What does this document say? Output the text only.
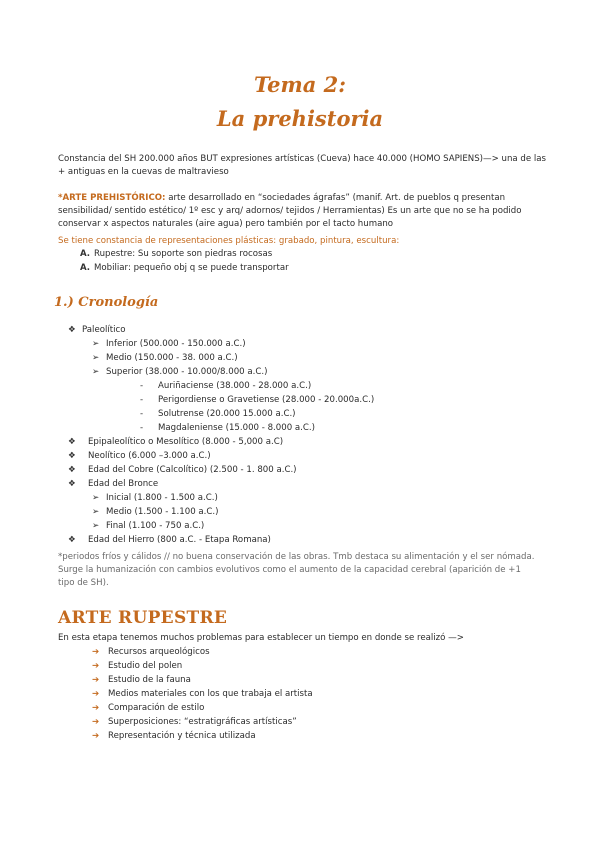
Tema 2:
La prehistoria
Constancia del SH 200.000 años BUT expresiones artísticas (Cueva) hace 40.000 (HOMO SAPIENS)—> una de las + antiguas en la cuevas de maltravieso
*ARTE PREHISTÓRICO: arte desarrollado en “sociedades ágrafas” (manif. Art. de pueblos q presentan sensibilidad/ sentido estético/ 1º esc y arq/ adornos/ tejidos / Herramientas) Es un arte que no se ha podido conservar x aspectos naturales (aire agua) pero también por el tacto humano
Se tiene constancia de representaciones plásticas: grabado, pintura, escultura:
A. Rupestre: Su soporte son piedras rocosas
A. Mobiliar: pequeño obj q se puede transportar
1.) Cronología
❖ Paleolítico
➢ Inferior (500.000 - 150.000 a.C.)
➢ Medio (150.000 - 38. 000 a.C.)
➢ Superior (38.000 - 10.000/8.000 a.C.)
- Auriñaciense (38.000 - 28.000 a.C.)
- Perigordiense o Gravetiense (28.000 - 20.000a.C.)
- Solutrense (20.000 15.000 a.C.)
- Magdaleniense (15.000 - 8.000 a.C.)
❖ Epipaleolítico o Mesolítico (8.000 - 5,000 a.C)
❖ Neolítico (6.000 –3.000 a.C.)
❖ Edad del Cobre (Calcolítico) (2.500 - 1. 800 a.C.)
❖ Edad del Bronce
➢ Inicial (1.800 - 1.500 a.C.)
➢ Medio (1.500 - 1.100 a.C.)
➢ Final (1.100 - 750 a.C.)
❖ Edad del Hierro (800 a.C. - Etapa Romana)
*periodos fríos y cálidos // no buena conservación de las obras. Tmb destaca su alimentación y el ser nómada. Surge la humanización con cambios evolutivos como el aumento de la capacidad cerebral (aparición de +1 tipo de SH).
ARTE RUPESTRE
En esta etapa tenemos muchos problemas para establecer un tiempo en donde se realizó —>
➔ Recursos arqueológicos
➔ Estudio del polen
➔ Estudio de la fauna
➔ Medios materiales con los que trabaja el artista
➔ Comparación de estilo
➔ Superposiciones: “estratigráficas artísticas”
➔ Representación y técnica utilizada
